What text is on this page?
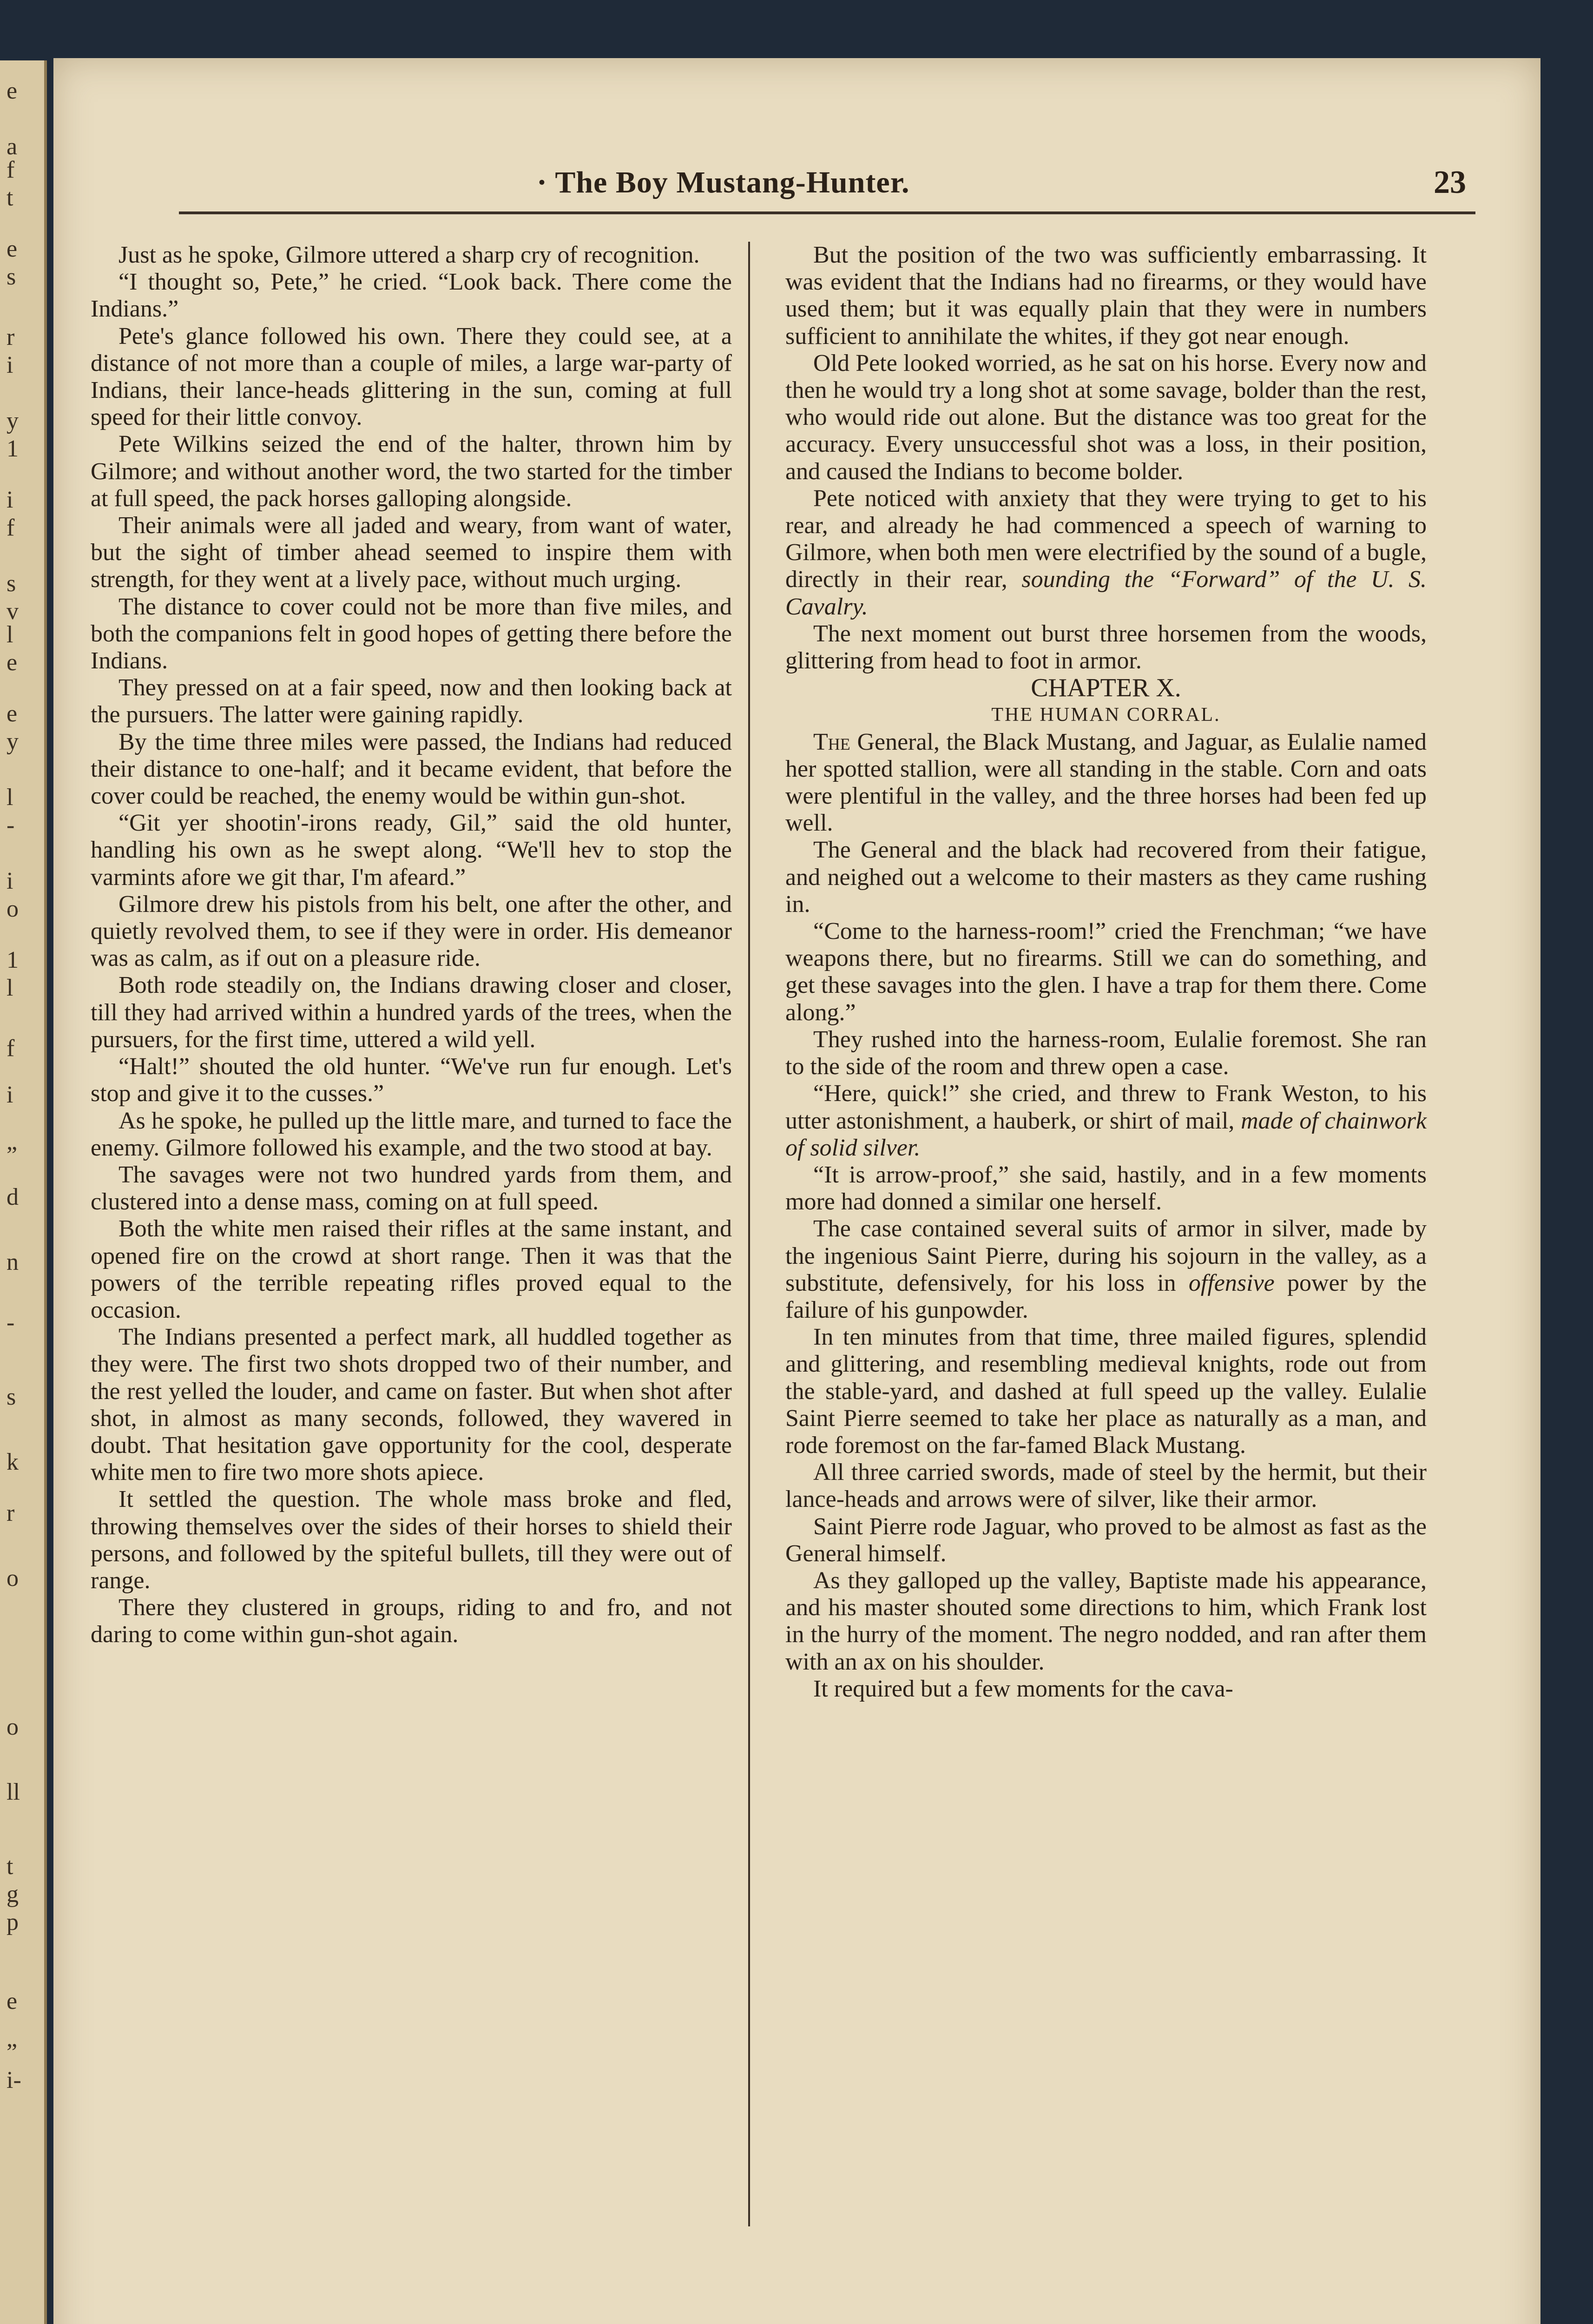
e
a
f
t
e
s
r
i
y
1
i
f
s
v
l
e
e
y
l
-
i
o
1
l
f
i
”
d
n
-
s
k
r
o
o
ll
t
g
p
e
”
i-
· The Boy Mustang-Hunter.	23

Just as he spoke, Gilmore uttered a sharp cry of recognition.

“I thought so, Pete,” he cried. “Look back. There come the Indians.”

Pete's glance followed his own. There they could see, at a distance of not more than a couple of miles, a large war-party of Indians, their lance-heads glittering in the sun, coming at full speed for their little convoy.

Pete Wilkins seized the end of the halter, thrown him by Gilmore; and without another word, the two started for the timber at full speed, the pack horses galloping alongside.

Their animals were all jaded and weary, from want of water, but the sight of timber ahead seemed to inspire them with strength, for they went at a lively pace, without much urging.

The distance to cover could not be more than five miles, and both the companions felt in good hopes of getting there before the Indians.

They pressed on at a fair speed, now and then looking back at the pursuers. The latter were gaining rapidly.

By the time three miles were passed, the Indians had reduced their distance to one-half; and it became evident, that before the cover could be reached, the enemy would be within gun-shot.

“Git yer shootin'-irons ready, Gil,” said the old hunter, handling his own as he swept along. “We'll hev to stop the varmints afore we git thar, I'm afeard.”

Gilmore drew his pistols from his belt, one after the other, and quietly revolved them, to see if they were in order. His demeanor was as calm, as if out on a pleasure ride.

Both rode steadily on, the Indians drawing closer and closer, till they had arrived within a hundred yards of the trees, when the pursuers, for the first time, uttered a wild yell.

“Halt!” shouted the old hunter. “We've run fur enough. Let's stop and give it to the cusses.”

As he spoke, he pulled up the little mare, and turned to face the enemy. Gilmore followed his example, and the two stood at bay.

The savages were not two hundred yards from them, and clustered into a dense mass, coming on at full speed.

Both the white men raised their rifles at the same instant, and opened fire on the crowd at short range. Then it was that the powers of the terrible repeating rifles proved equal to the occasion.

The Indians presented a perfect mark, all huddled together as they were. The first two shots dropped two of their number, and the rest yelled the louder, and came on faster. But when shot after shot, in almost as many seconds, followed, they wavered in doubt. That hesitation gave opportunity for the cool, desperate white men to fire two more shots apiece.

It settled the question. The whole mass broke and fled, throwing themselves over the sides of their horses to shield their persons, and followed by the spiteful bullets, till they were out of range.

There they clustered in groups, riding to and fro, and not daring to come within gun-shot again.

But the position of the two was sufficiently embarrassing. It was evident that the Indians had no firearms, or they would have used them; but it was equally plain that they were in numbers sufficient to annihilate the whites, if they got near enough.

Old Pete looked worried, as he sat on his horse. Every now and then he would try a long shot at some savage, bolder than the rest, who would ride out alone. But the distance was too great for the accuracy. Every unsuccessful shot was a loss, in their position, and caused the Indians to become bolder.

Pete noticed with anxiety that they were trying to get to his rear, and already he had commenced a speech of warning to Gilmore, when both men were electrified by the sound of a bugle, directly in their rear, sounding the “Forward” of the U. S. Cavalry.

The next moment out burst three horsemen from the woods, glittering from head to foot in armor.

CHAPTER X.

THE HUMAN CORRAL.

The General, the Black Mustang, and Jaguar, as Eulalie named her spotted stallion, were all standing in the stable. Corn and oats were plentiful in the valley, and the three horses had been fed up well.

The General and the black had recovered from their fatigue, and neighed out a welcome to their masters as they came rushing in.

“Come to the harness-room!” cried the Frenchman; “we have weapons there, but no firearms. Still we can do something, and get these savages into the glen. I have a trap for them there. Come along.”

They rushed into the harness-room, Eulalie foremost. She ran to the side of the room and threw open a case.

“Here, quick!” she cried, and threw to Frank Weston, to his utter astonishment, a hauberk, or shirt of mail, made of chainwork of solid silver.

“It is arrow-proof,” she said, hastily, and in a few moments more had donned a similar one herself.

The case contained several suits of armor in silver, made by the ingenious Saint Pierre, during his sojourn in the valley, as a substitute, defensively, for his loss in offensive power by the failure of his gunpowder.

In ten minutes from that time, three mailed figures, splendid and glittering, and resembling medieval knights, rode out from the stable-yard, and dashed at full speed up the valley. Eulalie Saint Pierre seemed to take her place as naturally as a man, and rode foremost on the far-famed Black Mustang.

All three carried swords, made of steel by the hermit, but their lance-heads and arrows were of silver, like their armor.

Saint Pierre rode Jaguar, who proved to be almost as fast as the General himself.

As they galloped up the valley, Baptiste made his appearance, and his master shouted some directions to him, which Frank lost in the hurry of the moment. The negro nodded, and ran after them with an ax on his shoulder.

It required but a few moments for the cava-
